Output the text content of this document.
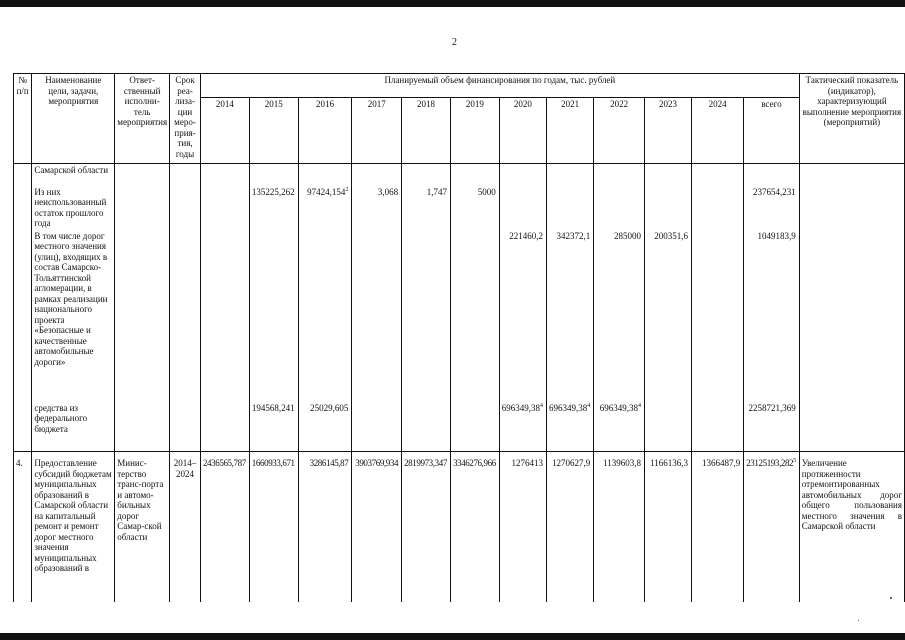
2
№ п/п	Наименование цели, задачи, мероприятия	Ответ-ственный исполни-тель мероприятия	Срок реа-лиза-ции меро-прия-тия, годы	Планируемый объем финансирования по годам, тыс. рублей												Тактический показатель (индикатор), характеризующий выполнение мероприятия (мероприятий)
				2014	2015	2016	2017	2018	2019	2020	2021	2022	2023	2024	всего	
	Самарской области															
	Из них неиспользованный остаток прошлого года				135225,262	97424,154$^2$	3,068	1,747	5000						237654,231	
	В том числе дорог местного значения (улиц), входящих в состав Самарско-Тольяттинской агломерации, в рамках реализации национального проекта «Безопасные и качественные автомобильные дороги»									221460,2	342372,1	285000	200351,6		1049183,9	
	средства из федерального бюджета				194568,241	25029,605				696349,38$^4$	696349,38$^4$	696349,38$^4$			2258721,369	

4.	Предоставление субсидий бюджетам муниципальных образований в Самарской области на капитальный ремонт и ремонт дорог местного значения муниципальных образований в	Минис-терство транс-порта и автомо-бильных дорог Самар-ской области	2014–2024	2436565,787	1660933,671	3286145,87	3903769,934	2819973,347	3346276,966	1276413	1270627,9	1139603,8	1166136,3	1366487,9	23125193,282$^5$	Увеличение протяженности отремонтированных автомобильных дорог общего пользования местного значения в Самарской области
